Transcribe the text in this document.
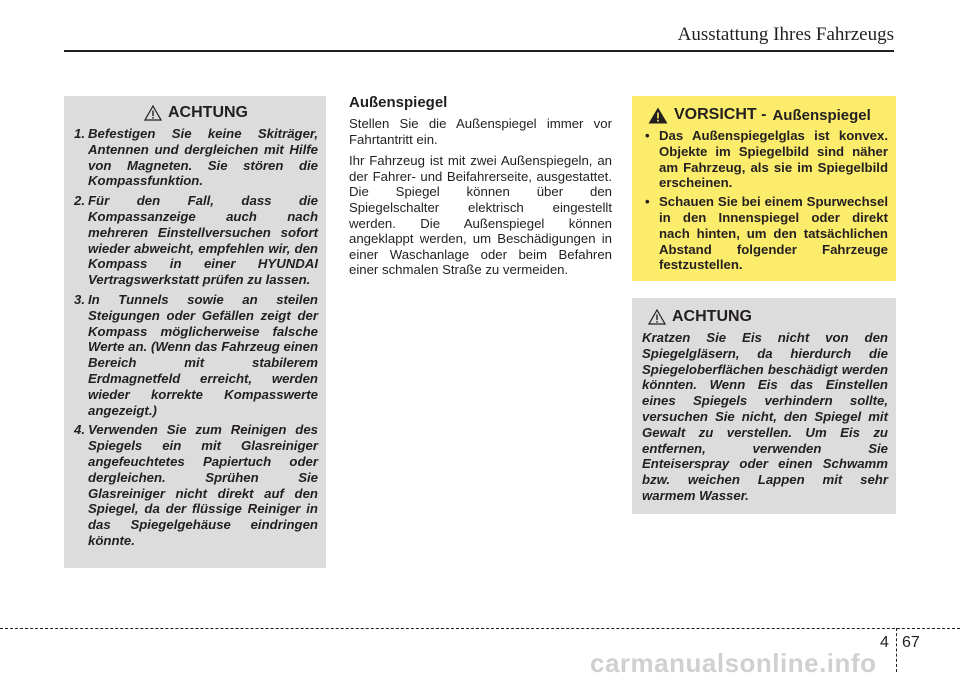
Ausstattung Ihres Fahrzeugs
ACHTUNG
1. Befestigen Sie keine Skiträger, Antennen und dergleichen mit Hilfe von Magneten. Sie stören die Kompassfunktion.
2. Für den Fall, dass die Kompassanzeige auch nach mehreren Einstellversuchen sofort wieder abweicht, empfehlen wir, den Kompass in einer HYUNDAI Vertragswerkstatt prüfen zu lassen.
3. In Tunnels sowie an steilen Steigungen oder Gefällen zeigt der Kompass möglicherweise falsche Werte an. (Wenn das Fahrzeug einen Bereich mit stabilerem Erdmagnetfeld erreicht, werden wieder korrekte Kompasswerte angezeigt.)
4. Verwenden Sie zum Reinigen des Spiegels ein mit Glasreiniger angefeuchtetes Papiertuch oder dergleichen. Sprühen Sie Glasreiniger nicht direkt auf den Spiegel, da der flüssige Reiniger in das Spiegelgehäuse eindringen könnte.
Außenspiegel

Stellen Sie die Außenspiegel immer vor Fahrtantritt ein.

Ihr Fahrzeug ist mit zwei Außenspiegeln, an der Fahrer- und Beifahrerseite, ausgestattet. Die Spiegel können über den Spiegelschalter elektrisch eingestellt werden. Die Außenspiegel können angeklappt werden, um Beschädigungen in einer Waschanlage oder beim Befahren einer schmalen Straße zu vermeiden.

VORSICHT - Außenspiegel
• Das Außenspiegelglas ist konvex. Objekte im Spiegelbild sind näher am Fahrzeug, als sie im Spiegelbild erscheinen.
• Schauen Sie bei einem Spurwechsel in den Innenspiegel oder direkt nach hinten, um den tatsächlichen Abstand folgender Fahrzeuge festzustellen.
ACHTUNG

Kratzen Sie Eis nicht von den Spiegelgläsern, da hierdurch die Spiegeloberflächen beschädigt werden könnten. Wenn Eis das Einstellen eines Spiegels verhindern sollte, versuchen Sie nicht, den Spiegel mit Gewalt zu verstellen. Um Eis zu entfernen, verwenden Sie Enteiserspray oder einen Schwamm bzw. weichen Lappen mit sehr warmem Wasser.

4 67
carmanualsonline.info
